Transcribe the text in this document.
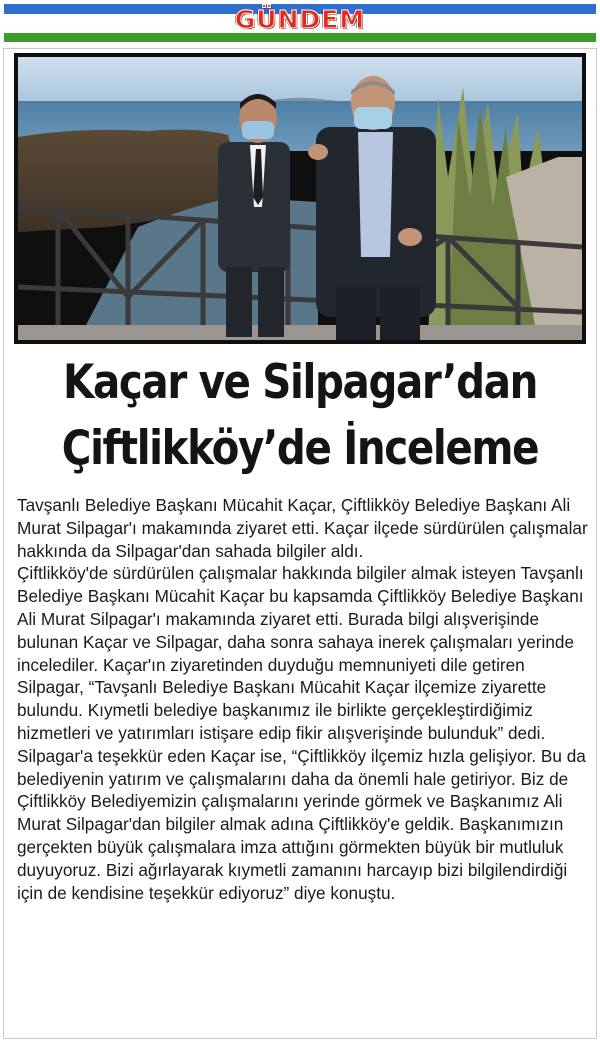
GÜNDEM
Kaçar ve Silpagar’dan
Çiftlikköy’de İnceleme

Tavşanlı Belediye Başkanı Mücahit Kaçar, Çiftlikköy Belediye Başkanı Ali Murat Silpagar'ı makamında ziyaret etti. Kaçar ilçede sürdürülen çalışmalar hakkında da Silpagar'dan sahada bilgiler aldı.

Çiftlikköy'de sürdürülen çalışmalar hakkında bilgiler almak isteyen Tavşanlı Belediye Başkanı Mücahit Kaçar bu kapsamda Çiftlikköy Belediye Başkanı Ali Murat Silpagar'ı makamında ziyaret etti. Burada bilgi alışverişinde bulunan Kaçar ve Silpagar, daha sonra sahaya inerek çalışmaları yerinde incelediler. Kaçar'ın ziyaretinden duyduğu memnuniyeti dile getiren Silpagar, “Tavşanlı Belediye Başkanı Mücahit Kaçar ilçemize ziyarette bulundu. Kıymetli belediye başkanımız ile birlikte gerçekleştirdiğimiz hizmetleri ve yatırımları istişare edip fikir alışverişinde bulunduk” dedi. Silpagar'a teşekkür eden Kaçar ise, “Çiftlikköy ilçemiz hızla gelişiyor. Bu da belediyenin yatırım ve çalışmalarını daha da önemli hale getiriyor. Biz de Çiftlikköy Belediyemizin çalışmalarını yerinde görmek ve Başkanımız Ali Murat Silpagar'dan bilgiler almak adına Çiftlikköy'e geldik. Başkanımızın gerçekten büyük çalışmalara imza attığını görmekten büyük bir mutluluk duyuyoruz. Bizi ağırlayarak kıymetli zamanını harcayıp bizi bilgilendirdiği için de kendisine teşekkür ediyoruz” diye konuştu.
